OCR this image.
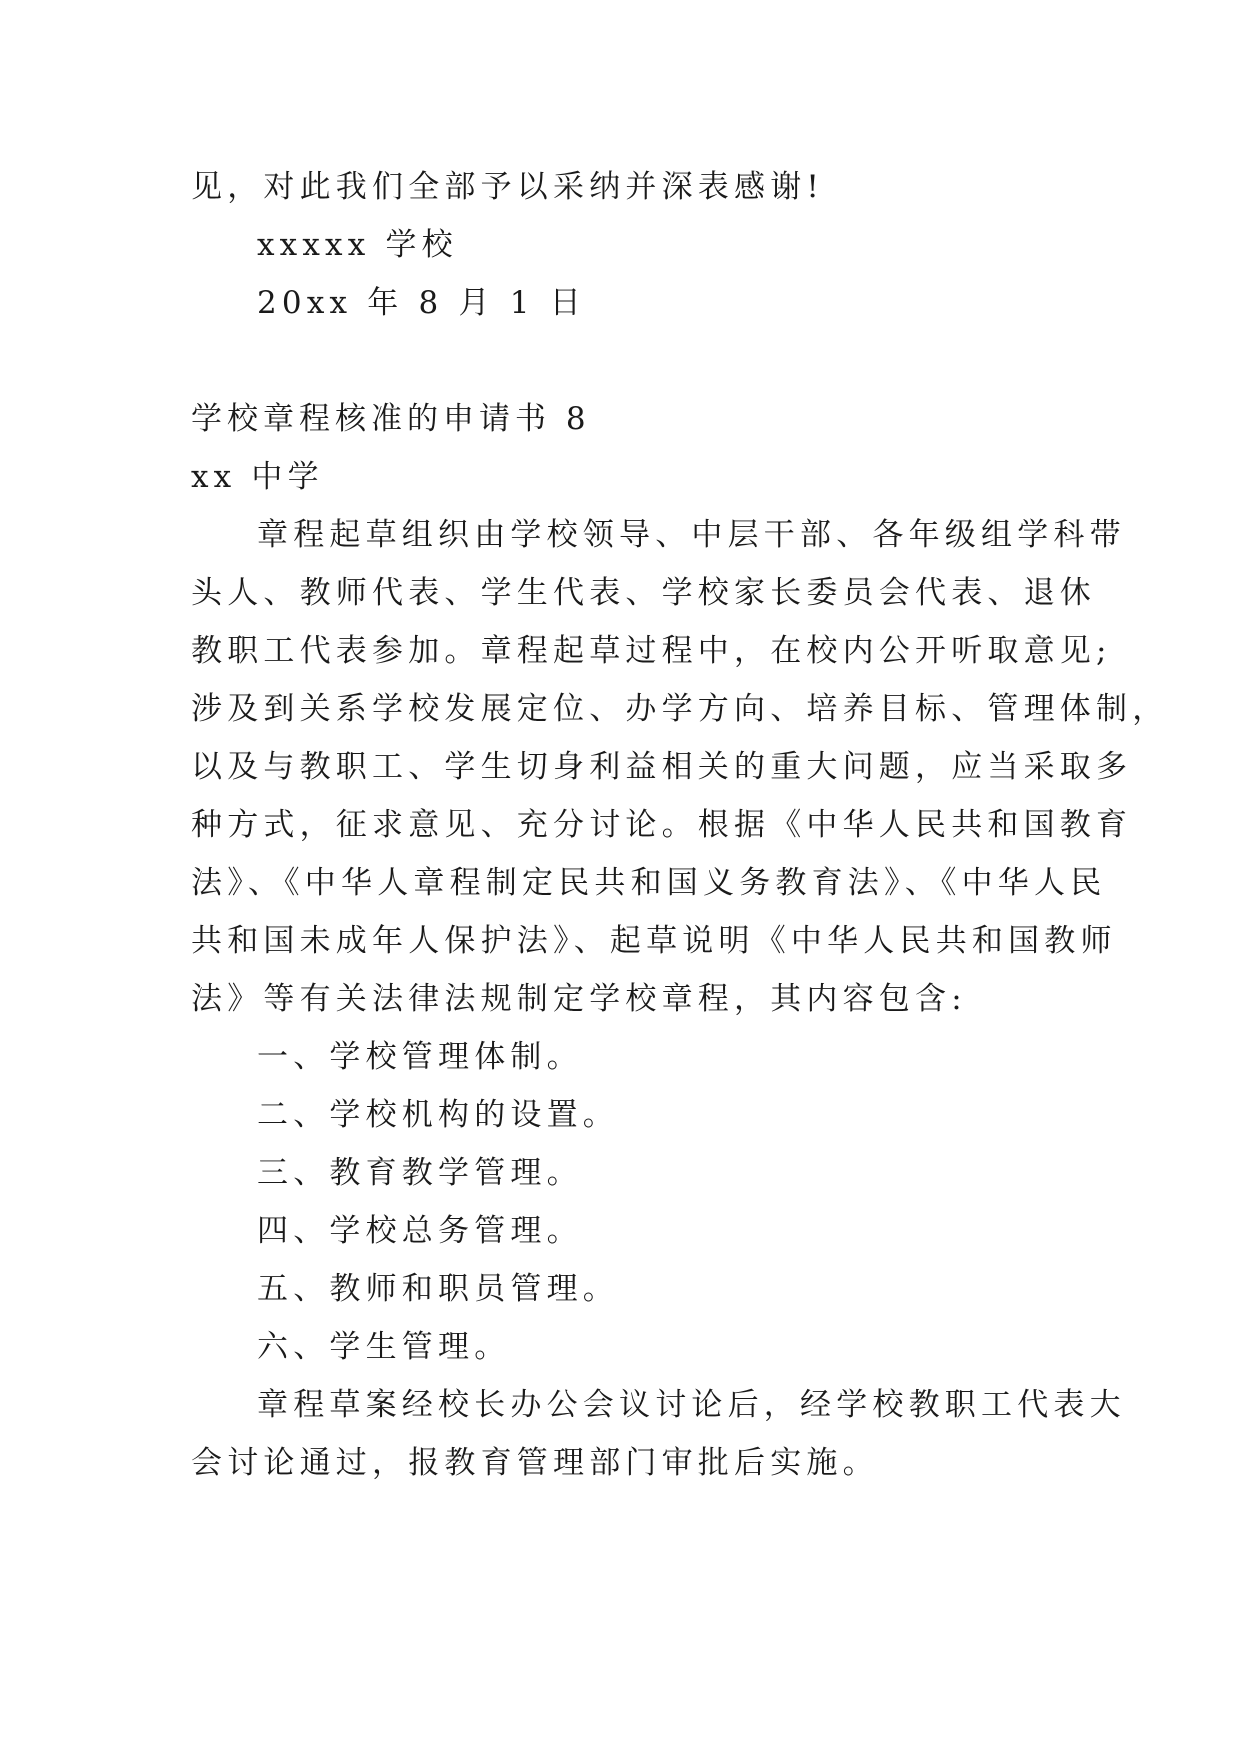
见，对此我们全部予以采纳并深表感谢!
xxxxx 学校
20xx 年 8 月 1 日
学校章程核准的申请书 8
xx 中学
章程起草组织由学校领导、中层干部、各年级组学科带
头人、教师代表、学生代表、学校家长委员会代表、退休
教职工代表参加。章程起草过程中，在校内公开听取意见;
涉及到关系学校发展定位、办学方向、培养目标、管理体制，
以及与教职工、学生切身利益相关的重大问题，应当采取多
种方式，征求意见、充分讨论。根据《中华人民共和国教育
法》、《中华人章程制定民共和国义务教育法》、《中华人民
共和国未成年人保护法》、起草说明《中华人民共和国教师
法》等有关法律法规制定学校章程，其内容包含:
一、学校管理体制。
二、学校机构的设置。
三、教育教学管理。
四、学校总务管理。
五、教师和职员管理。
六、学生管理。
章程草案经校长办公会议讨论后，经学校教职工代表大
会讨论通过，报教育管理部门审批后实施。
